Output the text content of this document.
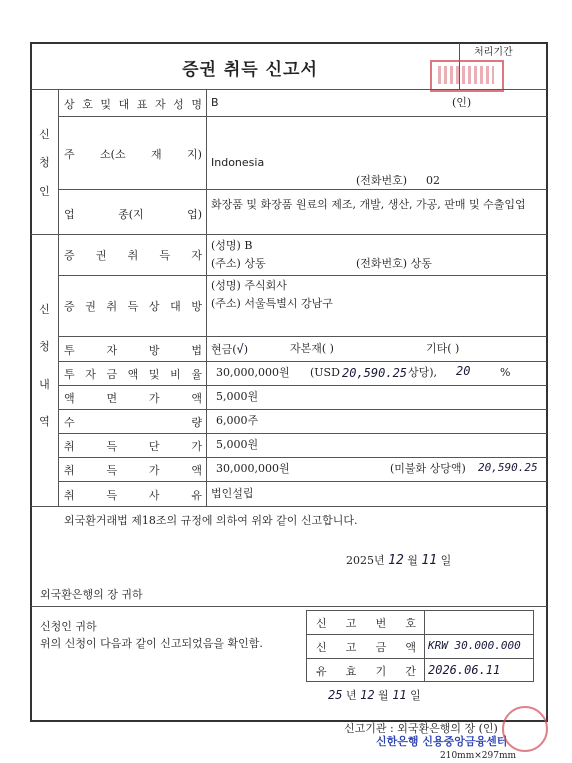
증권 취득 신고서
처리기간
신
청
인
상 호 및 대 표 자 성 명 B	(인)
주 소(소 재 지)
Indonesia
(전화번호) 02
업	종(지	업)
화장품 및 화장품 원료의 제조, 개발, 생산, 가공, 판매 및 수출입업
신
청
내
역
증 권 취 득 자
(성명) B
(주소) 상동	(전화번호) 상동
증 권 취 득 상 대 방
(성명) 주식회사
(주소) 서울특별시 강남구
투	자	방	법 현금(√)	자본재( )	기타( )
투 자 금 액 및 비 율 30,000,000원 (USD 20,590.25 상당), 20	%
액	면	가	액 5,000원
수	량 6,000주
취	득	단	가 5,000원
취	득	가	액 30,000,000원	(미불화 상당액) 20,590.25
취	득	사	유 법인설립
외국환거래법 제18조의 규정에 의하여 위와 같이 신고합니다.
2025년 12 월 11 일
외국환은행의 장 귀하
신청인 귀하
위의 신청이 다음과 같이 신고되었음을 확인함.
신 고 번 호
신 고 금 액 KRW 30.000.000
유 효 기 간 2026.06.11
25 년 12 월 11 일
신고기관 : 외국환은행의 장 (인)
신한은행 신용중앙금융센터
210mm×297mm
